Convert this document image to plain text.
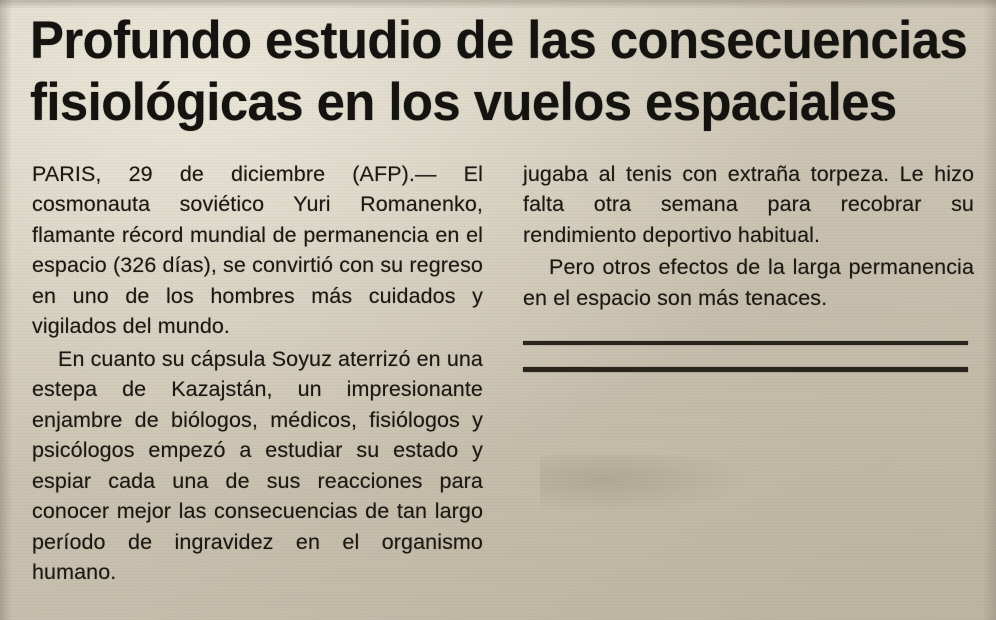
Profundo estudio de las consecuencias
fisiológicas en los vuelos espaciales

PARIS, 29 de diciembre (AFP).— El cosmonauta soviético Yuri Romanenko, flamante récord mundial de permanencia en el espacio (326 días), se convirtió con su regreso en uno de los hombres más cuidados y vigilados del mundo.

En cuanto su cápsula Soyuz aterrizó en una estepa de Kazajstán, un impresionante enjambre de biólogos, médicos, fisiólogos y psicólogos empezó a estudiar su estado y espiar cada una de sus reacciones para conocer mejor las consecuencias de tan largo período de ingravidez en el organismo humano.

jugaba al tenis con extraña torpeza. Le hizo falta otra semana para recobrar su rendimiento deportivo habitual.

Pero otros efectos de la larga permanencia en el espacio son más tenaces.
